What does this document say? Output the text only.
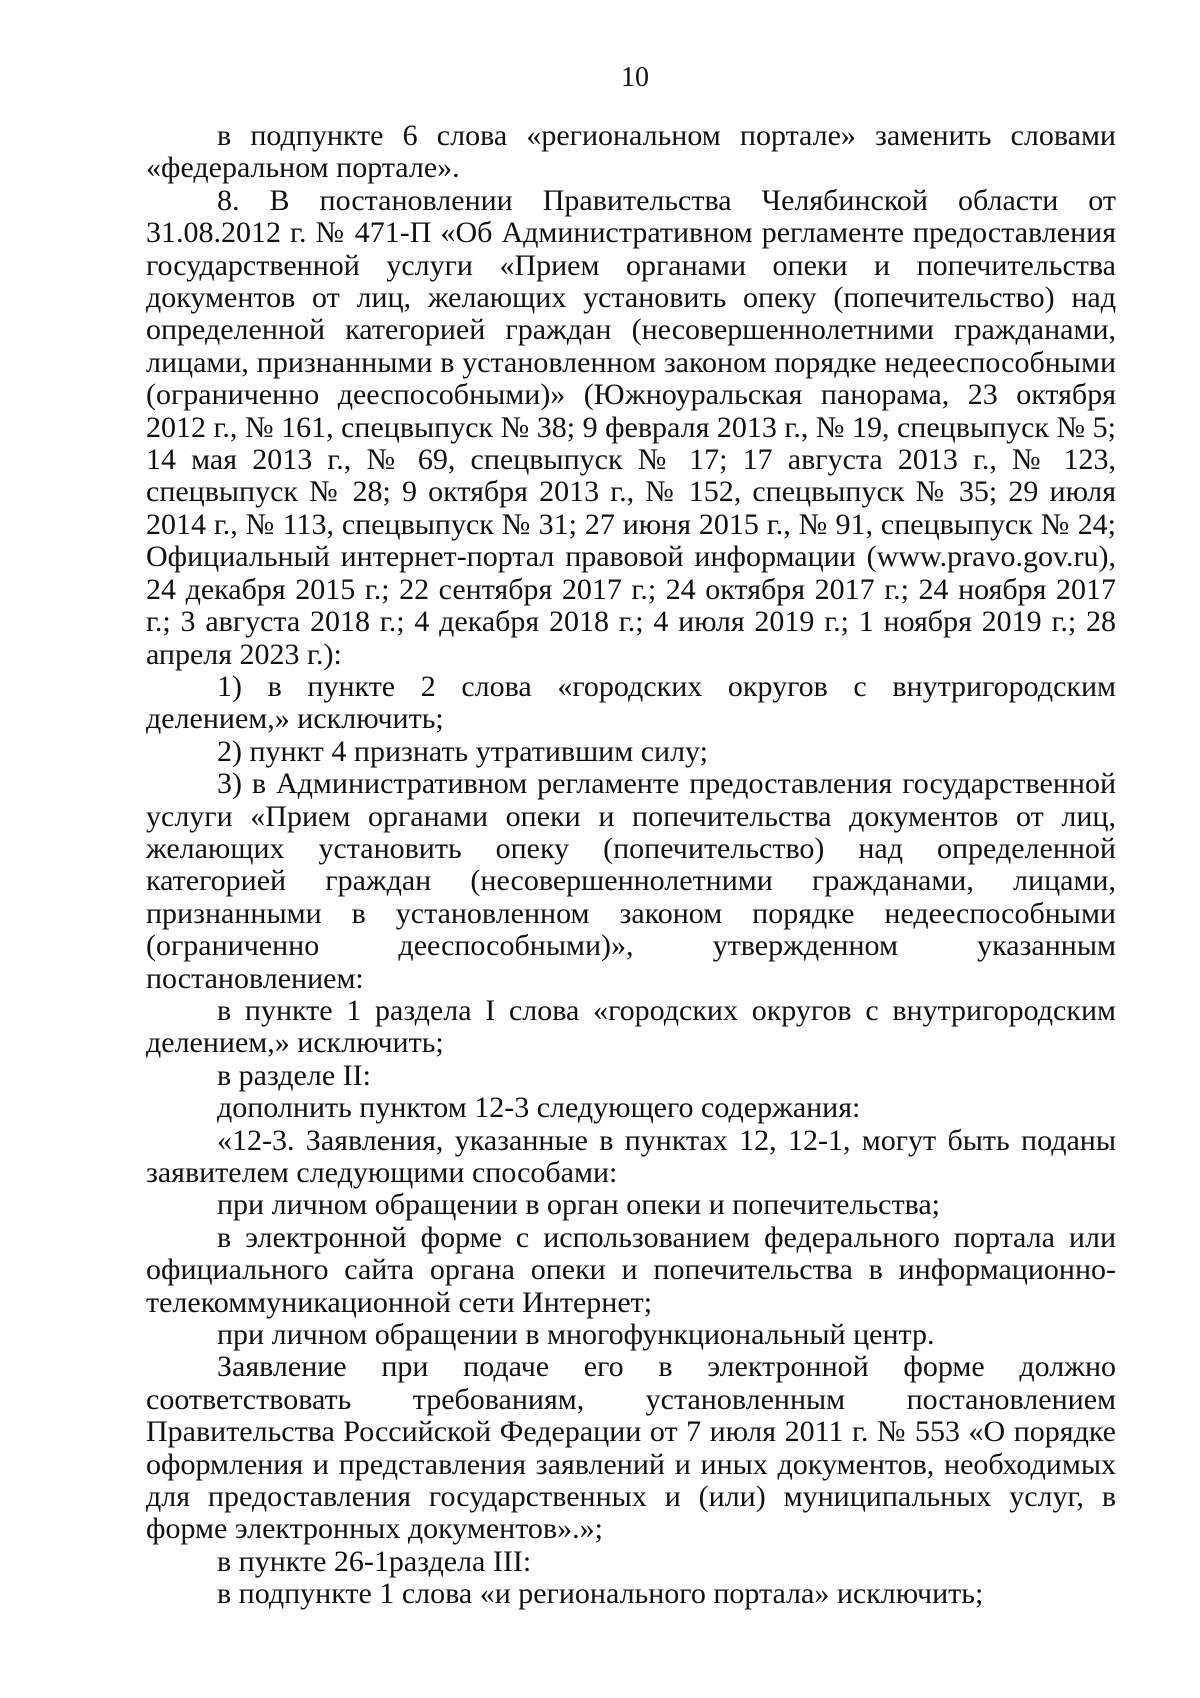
10

в подпункте 6 слова «региональном портале» заменить словами «федеральном портале».

8. В постановлении Правительства Челябинской области от 31.08.2012 г. № 471-П «Об Административном регламенте предоставления государственной услуги «Прием органами опеки и попечительства документов от лиц, желающих установить опеку (попечительство) над определенной категорией граждан (несовершеннолетними гражданами, лицами, признанными в установленном законом порядке недееспособными (ограниченно дееспособными)» (Южноуральская панорама, 23 октября 2012 г., № 161, спецвыпуск № 38; 9 февраля 2013 г., № 19, спецвыпуск № 5; 14 мая 2013 г., № 69, спецвыпуск № 17; 17 августа 2013 г., № 123, спецвыпуск № 28; 9 октября 2013 г., № 152, спецвыпуск № 35; 29 июля 2014 г., № 113, спецвыпуск № 31; 27 июня 2015 г., № 91, спецвыпуск № 24; Официальный интернет-портал правовой информации (www.pravo.gov.ru), 24 декабря 2015 г.; 22 сентября 2017 г.; 24 октября 2017 г.; 24 ноября 2017 г.; 3 августа 2018 г.; 4 декабря 2018 г.; 4 июля 2019 г.; 1 ноября 2019 г.; 28 апреля 2023 г.):

1) в пункте 2 слова «городских округов с внутригородским делением,» исключить;

2) пункт 4 признать утратившим силу;

3) в Административном регламенте предоставления государственной услуги «Прием органами опеки и попечительства документов от лиц, желающих установить опеку (попечительство) над определенной категорией граждан (несовершеннолетними гражданами, лицами, признанными в установленном законом порядке недееспособными (ограниченно дееспособными)», утвержденном указанным постановлением:

в пункте 1 раздела I слова «городских округов с внутригородским делением,» исключить;

в разделе II:

дополнить пунктом 12-3 следующего содержания:

«12-3. Заявления, указанные в пунктах 12, 12-1, могут быть поданы заявителем следующими способами:

при личном обращении в орган опеки и попечительства;

в электронной форме с использованием федерального портала или официального сайта органа опеки и попечительства в информационно-телекоммуникационной сети Интернет;

при личном обращении в многофункциональный центр.

Заявление при подаче его в электронной форме должно соответствовать требованиям, установленным постановлением Правительства Российской Федерации от 7 июля 2011 г. № 553 «О порядке оформления и представления заявлений и иных документов, необходимых для предоставления государственных и (или) муниципальных услуг, в форме электронных документов».»;

в пункте 26-1раздела III:

в подпункте 1 слова «и регионального портала» исключить;
